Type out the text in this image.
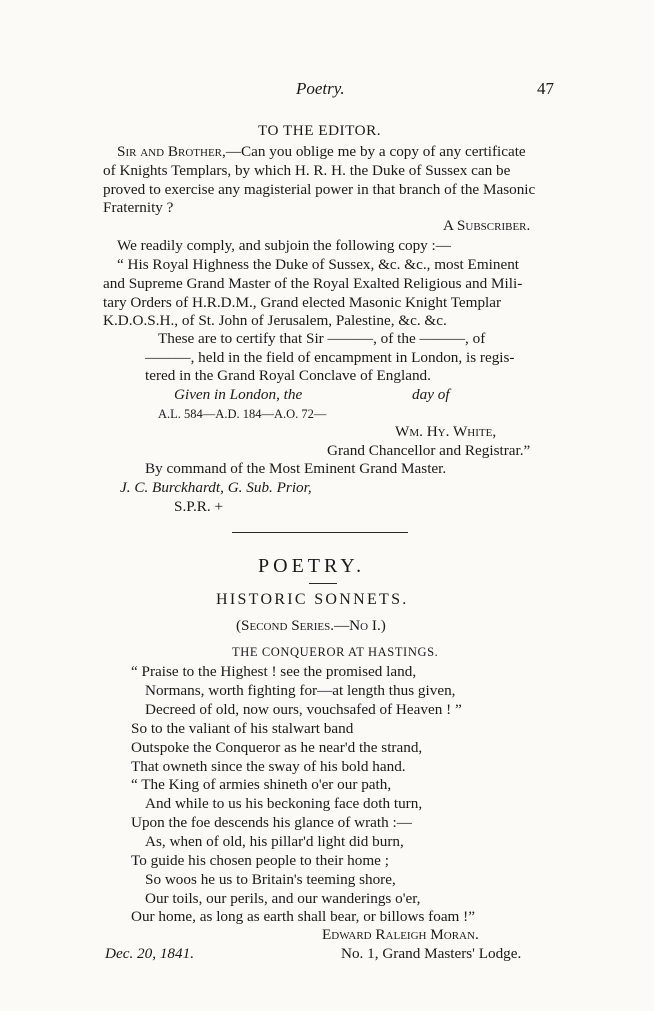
Poetry.	47

TO THE EDITOR.

Sir and Brother,—Can you oblige me by a copy of any certificate

of Knights Templars, by which H. R. H. the Duke of Sussex can be

proved to exercise any magisterial power in that branch of the Masonic

Fraternity ?

A Subscriber.

We readily comply, and subjoin the following copy :—

“ His Royal Highness the Duke of Sussex, &c. &c., most Eminent

and Supreme Grand Master of the Royal Exalted Religious and Mili-

tary Orders of H.R.D.M., Grand elected Masonic Knight Templar

K.D.O.S.H., of St. John of Jerusalem, Palestine, &c. &c.

These are to certify that Sir ———, of the ———, of

———, held in the field of encampment in London, is regis-

tered in the Grand Royal Conclave of England.

Given in London, the	day of

A.L. 584—A.D. 184—A.O. 72—

Wm. Hy. White,

Grand Chancellor and Registrar.”

By command of the Most Eminent Grand Master.

J. C. Burckhardt, G. Sub. Prior,

S.P.R. +

POETRY.

HISTORIC SONNETS.

(Second Series.—No I.)

THE CONQUEROR AT HASTINGS.

“ Praise to the Highest ! see the promised land,

Normans, worth fighting for—at length thus given,

Decreed of old, now ours, vouchsafed of Heaven ! ”

So to the valiant of his stalwart band

Outspoke the Conqueror as he near'd the strand,

That owneth since the sway of his bold hand.

“ The King of armies shineth o'er our path,

And while to us his beckoning face doth turn,

Upon the foe descends his glance of wrath :—

As, when of old, his pillar'd light did burn,

To guide his chosen people to their home ;

So woos he us to Britain's teeming shore,

Our toils, our perils, and our wanderings o'er,

Our home, as long as earth shall bear, or billows foam !”

Edward Raleigh Moran.

Dec. 20, 1841.	No. 1, Grand Masters' Lodge.
